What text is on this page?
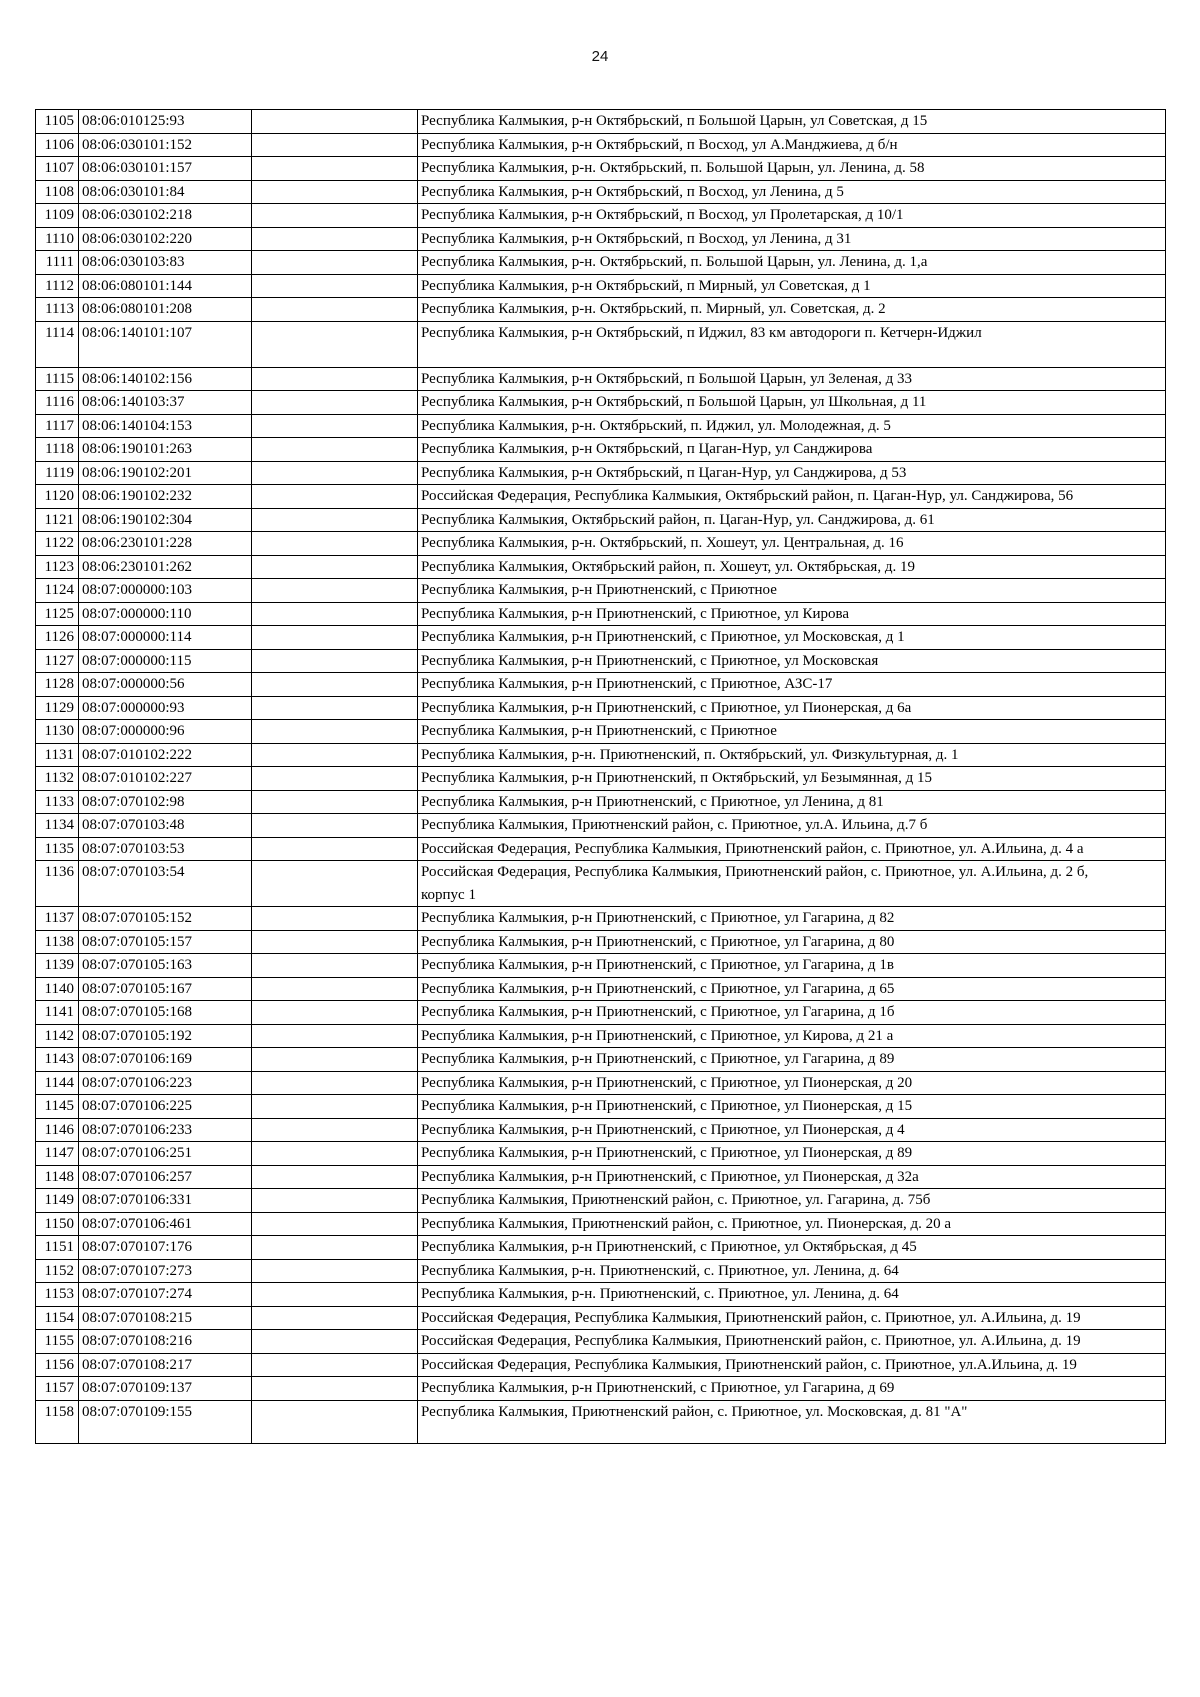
24
1105	08:06:010125:93		Республика Калмыкия, р-н Октябрьский, п Большой Царын, ул Советская, д 15
1106	08:06:030101:152		Республика Калмыкия, р-н Октябрьский, п Восход, ул А.Манджиева, д б/н
1107	08:06:030101:157		Республика Калмыкия, р-н. Октябрьский, п. Большой Царын, ул. Ленина, д. 58
1108	08:06:030101:84		Республика Калмыкия, р-н Октябрьский, п Восход, ул Ленина, д 5
1109	08:06:030102:218		Республика Калмыкия, р-н Октябрьский, п Восход, ул Пролетарская, д 10/1
1110	08:06:030102:220		Республика Калмыкия, р-н Октябрьский, п Восход, ул Ленина, д 31
1111	08:06:030103:83		Республика Калмыкия, р-н. Октябрьский, п. Большой Царын, ул. Ленина, д. 1,а
1112	08:06:080101:144		Республика Калмыкия, р-н Октябрьский, п Мирный, ул Советская, д 1
1113	08:06:080101:208		Республика Калмыкия, р-н. Октябрьский, п. Мирный, ул. Советская, д. 2
1114	08:06:140101:107		Республика Калмыкия, р-н Октябрьский, п Иджил, 83 км автодороги п. Кетчерн-Иджил
1115	08:06:140102:156		Республика Калмыкия, р-н Октябрьский, п Большой Царын, ул Зеленая, д 33
1116	08:06:140103:37		Республика Калмыкия, р-н Октябрьский, п Большой Царын, ул Школьная, д 11
1117	08:06:140104:153		Республика Калмыкия, р-н. Октябрьский, п. Иджил, ул. Молодежная, д. 5
1118	08:06:190101:263		Республика Калмыкия, р-н Октябрьский, п Цаган-Нур, ул Санджирова
1119	08:06:190102:201		Республика Калмыкия, р-н Октябрьский, п Цаган-Нур, ул Санджирова, д 53
1120	08:06:190102:232		Российская Федерация, Республика Калмыкия, Октябрьский район, п. Цаган-Нур, ул. Санджирова, 56
1121	08:06:190102:304		Республика Калмыкия, Октябрьский район, п. Цаган-Нур, ул. Санджирова, д. 61
1122	08:06:230101:228		Республика Калмыкия, р-н. Октябрьский, п. Хошеут, ул. Центральная, д. 16
1123	08:06:230101:262		Республика Калмыкия, Октябрьский район, п. Хошеут, ул. Октябрьская, д. 19
1124	08:07:000000:103		Республика Калмыкия, р-н Приютненский, с Приютное
1125	08:07:000000:110		Республика Калмыкия, р-н Приютненский, с Приютное, ул Кирова
1126	08:07:000000:114		Республика Калмыкия, р-н Приютненский, с Приютное, ул Московская, д 1
1127	08:07:000000:115		Республика Калмыкия, р-н Приютненский, с Приютное, ул Московская
1128	08:07:000000:56		Республика Калмыкия, р-н Приютненский, с Приютное, АЗС-17
1129	08:07:000000:93		Республика Калмыкия, р-н Приютненский, с Приютное, ул Пионерская, д 6а
1130	08:07:000000:96		Республика Калмыкия, р-н Приютненский, с Приютное
1131	08:07:010102:222		Республика Калмыкия, р-н. Приютненский, п. Октябрьский, ул. Физкультурная, д. 1
1132	08:07:010102:227		Республика Калмыкия, р-н Приютненский, п Октябрьский, ул Безымянная, д 15
1133	08:07:070102:98		Республика Калмыкия, р-н Приютненский, с Приютное, ул Ленина, д 81
1134	08:07:070103:48		Республика Калмыкия, Приютненский район, с. Приютное, ул.А. Ильина, д.7 б
1135	08:07:070103:53		Российская Федерация, Республика Калмыкия, Приютненский район, с. Приютное, ул. А.Ильина, д. 4 а
1136	08:07:070103:54		Российская Федерация, Республика Калмыкия, Приютненский район, с. Приютное, ул. А.Ильина, д. 2 б, корпус 1
1137	08:07:070105:152		Республика Калмыкия, р-н Приютненский, с Приютное, ул Гагарина, д 82
1138	08:07:070105:157		Республика Калмыкия, р-н Приютненский, с Приютное, ул Гагарина, д 80
1139	08:07:070105:163		Республика Калмыкия, р-н Приютненский, с Приютное, ул Гагарина, д 1в
1140	08:07:070105:167		Республика Калмыкия, р-н Приютненский, с Приютное, ул Гагарина, д 65
1141	08:07:070105:168		Республика Калмыкия, р-н Приютненский, с Приютное, ул Гагарина, д 1б
1142	08:07:070105:192		Республика Калмыкия, р-н Приютненский, с Приютное, ул Кирова, д 21 а
1143	08:07:070106:169		Республика Калмыкия, р-н Приютненский, с Приютное, ул Гагарина, д 89
1144	08:07:070106:223		Республика Калмыкия, р-н Приютненский, с Приютное, ул Пионерская, д 20
1145	08:07:070106:225		Республика Калмыкия, р-н Приютненский, с Приютное, ул Пионерская, д 15
1146	08:07:070106:233		Республика Калмыкия, р-н Приютненский, с Приютное, ул Пионерская, д 4
1147	08:07:070106:251		Республика Калмыкия, р-н Приютненский, с Приютное, ул Пионерская, д 89
1148	08:07:070106:257		Республика Калмыкия, р-н Приютненский, с Приютное, ул Пионерская, д 32а
1149	08:07:070106:331		Республика Калмыкия, Приютненский район, с. Приютное, ул. Гагарина, д. 75б
1150	08:07:070106:461		Республика Калмыкия, Приютненский район, с. Приютное, ул. Пионерская, д. 20 а
1151	08:07:070107:176		Республика Калмыкия, р-н Приютненский, с Приютное, ул Октябрьская, д 45
1152	08:07:070107:273		Республика Калмыкия, р-н. Приютненский, с. Приютное, ул. Ленина, д. 64
1153	08:07:070107:274		Республика Калмыкия, р-н. Приютненский, с. Приютное, ул. Ленина, д. 64
1154	08:07:070108:215		Российская Федерация, Республика Калмыкия, Приютненский район, с. Приютное, ул. А.Ильина, д. 19
1155	08:07:070108:216		Российская Федерация, Республика Калмыкия, Приютненский район, с. Приютное, ул. А.Ильина, д. 19
1156	08:07:070108:217		Российская Федерация, Республика Калмыкия, Приютненский район, с. Приютное, ул.А.Ильина, д. 19
1157	08:07:070109:137		Республика Калмыкия, р-н Приютненский, с Приютное, ул Гагарина, д 69
1158	08:07:070109:155		Республика Калмыкия, Приютненский район, с. Приютное, ул. Московская, д. 81 "А"
